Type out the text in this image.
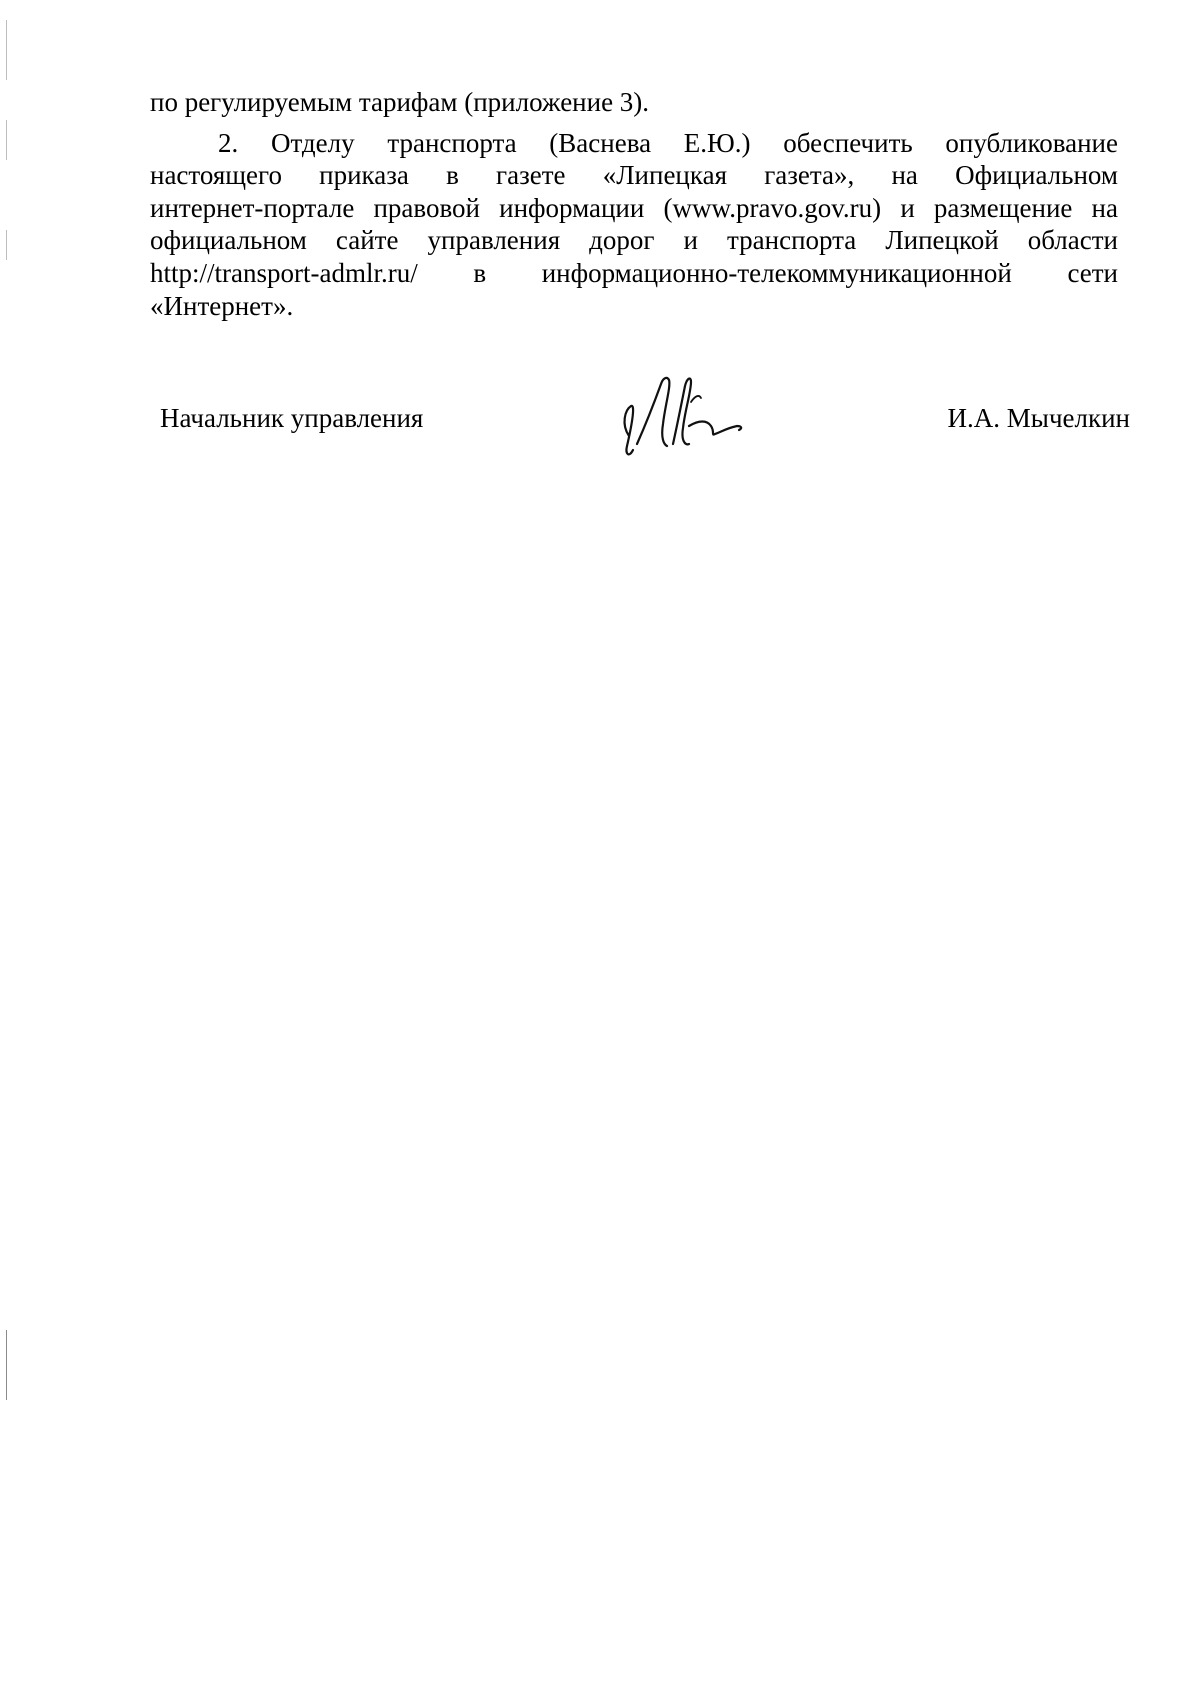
по регулируемым тарифам (приложение 3).
2. Отделу транспорта (Васнева Е.Ю.) обеспечить опубликование
настоящего приказа в газете «Липецкая газета», на Официальном
интернет-портале правовой информации (www.pravo.gov.ru) и размещение на
официальном сайте управления дорог и транспорта Липецкой области
http://transport-admlr.ru/ в информационно-телекоммуникационной сети
«Интернет».
Начальник управления	И.А. Мычелкин
